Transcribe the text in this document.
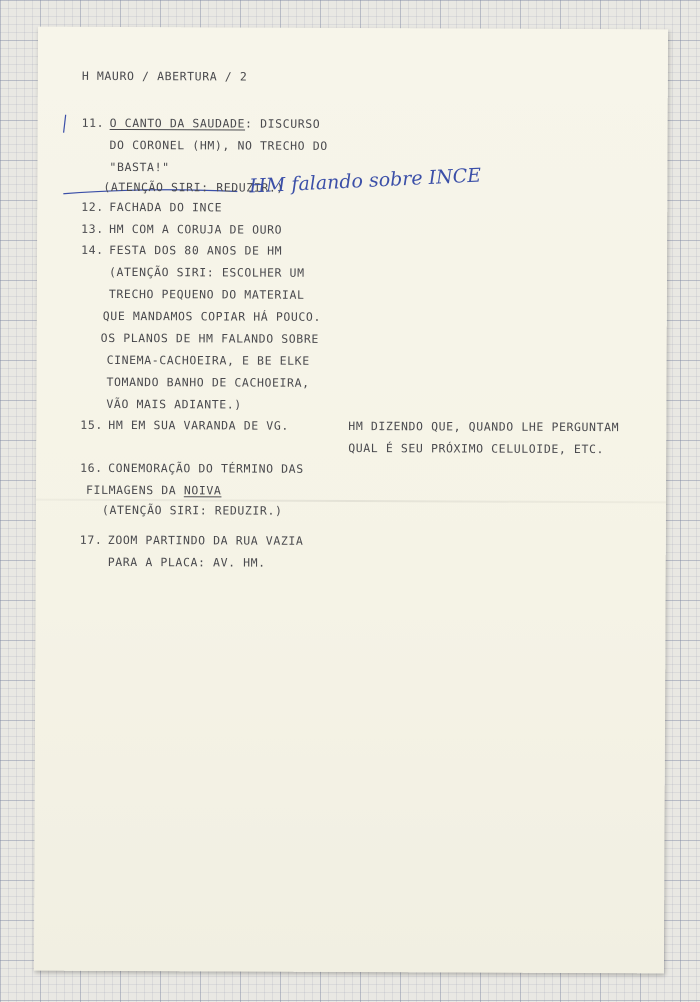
H MAURO / ABERTURA / 2
11. O CANTO DA SAUDADE: DISCURSO
DO CORONEL (HM), NO TRECHO DO
"BASTA!"
(ATENÇÃO SIRI: REDUZIR.)
HM falando sobre INCE
12. FACHADA DO INCE
13. HM COM A CORUJA DE OURO
14. FESTA DOS 80 ANOS DE HM
(ATENÇÃO SIRI: ESCOLHER UM
TRECHO PEQUENO DO MATERIAL
QUE MANDAMOS COPIAR HÁ POUCO.
OS PLANOS DE HM FALANDO SOBRE
CINEMA-CACHOEIRA, E BE ELKE
TOMANDO BANHO DE CACHOEIRA,
VÃO MAIS ADIANTE.)
15. HM EM SUA VARANDA DE VG.	HM DIZENDO QUE, QUANDO LHE PERGUNTAM
QUAL É SEU PRÓXIMO CELULOIDE, ETC.
16. CONEMORAÇÃO DO TÉRMINO DAS
FILMAGENS DA NOIVA
(ATENÇÃO SIRI: REDUZIR.)
17. ZOOM PARTINDO DA RUA VAZIA
PARA A PLACA: AV. HM.
